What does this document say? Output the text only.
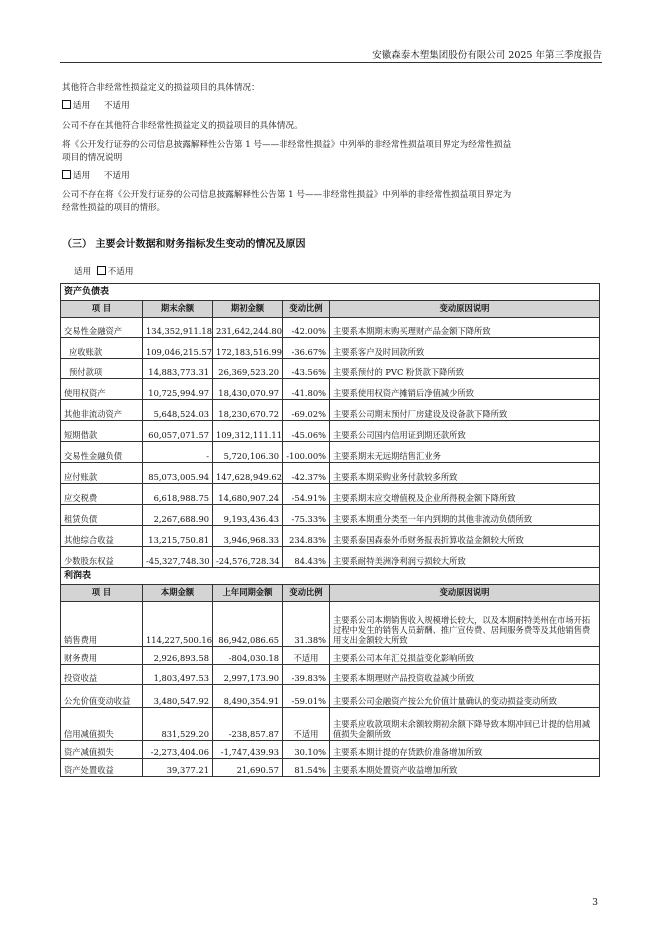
安徽森泰木塑集团股份有限公司 2025 年第三季度报告
其他符合非经常性损益定义的损益项目的具体情况：
适用 不适用
公司不存在其他符合非经常性损益定义的损益项目的具体情况。
将《公开发行证券的公司信息披露解释性公告第 1 号——非经常性损益》中列举的非经常性损益项目界定为经常性损益
项目的情况说明
适用 不适用
公司不存在将《公开发行证券的公司信息披露解释性公告第 1 号——非经常性损益》中列举的非经常性损益项目界定为
经常性损益的项目的情形。
（三） 主要会计数据和财务指标发生变动的情况及原因
适用 不适用
资产负债表				
项 目	期末余额	期初金额	变动比例	变动原因说明
交易性金融资产	134,352,911.18	231,642,244.80	-42.00%	主要系本期期末购买理财产品金额下降所致
应收账款	109,046,215.57	172,183,516.99	-36.67%	主要系客户及时回款所致
预付款项	14,883,773.31	26,369,523.20	-43.56%	主要系预付的 PVC 粉货款下降所致
使用权资产	10,725,994.97	18,430,070.97	-41.80%	主要系使用权资产摊销后净值减少所致
其他非流动资产	5,648,524.03	18,230,670.72	-69.02%	主要系公司期末预付厂房建设及设备款下降所致
短期借款	60,057,071.57	109,312,111.11	-45.06%	主要系公司国内信用证到期还款所致
交易性金融负债	-	5,720,106.30	-100.00%	主要系期末无远期结售汇业务
应付账款	85,073,005.94	147,628,949.62	-42.37%	主要系本期采购业务付款较多所致
应交税费	6,618,988.75	14,680,907.24	-54.91%	主要系期末应交增值税及企业所得税金额下降所致
租赁负债	2,267,688.90	9,193,436.43	-75.33%	主要系本期重分类至一年内到期的其他非流动负债所致
其他综合收益	13,215,750.81	3,946,968.33	234.83%	主要系泰国森泰外币财务报表折算收益金额较大所致
少数股东权益	-45,327,748.30	-24,576,728.34	84.43%	主要系耐特美洲净利润亏损较大所致
利润表				
项 目	本期金额	上年同期金额	变动比例	变动原因说明
销售费用	114,227,500.16	86,942,086.65	31.38%	主要系公司本期销售收入规模增长较大，以及本期耐特美州在市场开拓过程中发生的销售人员薪酬、推广宣传费、居间服务费等及其他销售费用支出金额较大所致
财务费用	2,926,893.58	-804,030.18	不适用	主要系公司本年汇兑损益变化影响所致
投资收益	1,803,497.53	2,997,173.90	-39.83%	主要系本期理财产品投资收益减少所致
公允价值变动收益	3,480,547.92	8,490,354.91	-59.01%	主要系公司金融资产按公允价值计量确认的变动损益变动所致
信用减值损失	831,529.20	-238,857.87	不适用	主要系应收款项期末余额较期初余额下降导致本期冲回已计提的信用减值损失金额所致
资产减值损失	-2,273,404.06	-1,747,439.93	30.10%	主要系本期计提的存货跌价准备增加所致
资产处置收益	39,377.21	21,690.57	81.54%	主要系本期处置资产收益增加所致
3
